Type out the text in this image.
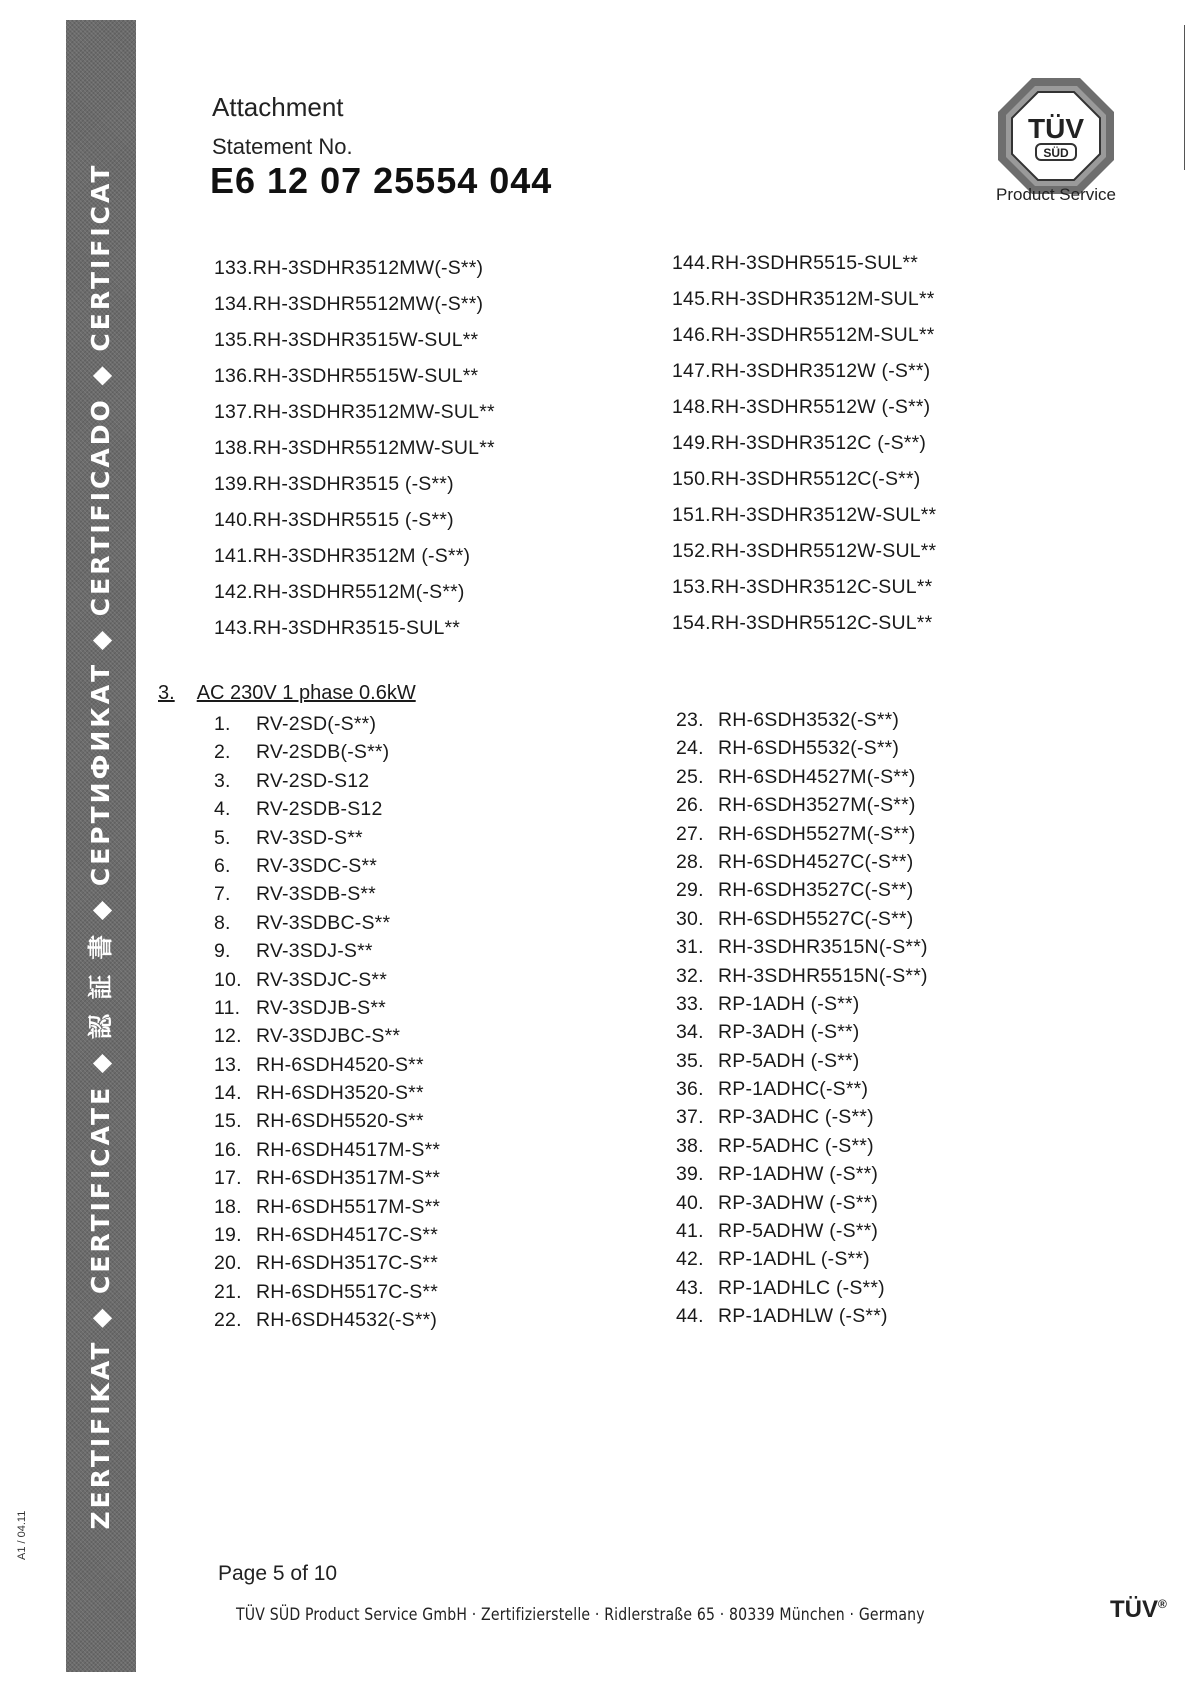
ZERTIFIKAT ◆ CERTIFICATE ◆ 認 証 書 ◆ СЕРТИФИКАТ ◆ CERTIFICADO ◆ CERTIFICAT
A1 / 04.11
Attachment
Statement No.
E6 12 07 25554 044
TÜV
SÜD
Product Service
133.RH-3SDHR3512MW(-S**)
134.RH-3SDHR5512MW(-S**)
135.RH-3SDHR3515W-SUL**
136.RH-3SDHR5515W-SUL**
137.RH-3SDHR3512MW-SUL**
138.RH-3SDHR5512MW-SUL**
139.RH-3SDHR3515 (-S**)
140.RH-3SDHR5515 (-S**)
141.RH-3SDHR3512M (-S**)
142.RH-3SDHR5512M(-S**)
143.RH-3SDHR3515-SUL**
144.RH-3SDHR5515-SUL**
145.RH-3SDHR3512M-SUL**
146.RH-3SDHR5512M-SUL**
147.RH-3SDHR3512W (-S**)
148.RH-3SDHR5512W (-S**)
149.RH-3SDHR3512C (-S**)
150.RH-3SDHR5512C(-S**)
151.RH-3SDHR3512W-SUL**
152.RH-3SDHR5512W-SUL**
153.RH-3SDHR3512C-SUL**
154.RH-3SDHR5512C-SUL**
3. AC 230V 1 phase 0.6kW
1. RV-2SD(-S**)
2. RV-2SDB(-S**)
3. RV-2SD-S12
4. RV-2SDB-S12
5. RV-3SD-S**
6. RV-3SDC-S**
7. RV-3SDB-S**
8. RV-3SDBC-S**
9. RV-3SDJ-S**
10. RV-3SDJC-S**
11. RV-3SDJB-S**
12. RV-3SDJBC-S**
13. RH-6SDH4520-S**
14. RH-6SDH3520-S**
15. RH-6SDH5520-S**
16. RH-6SDH4517M-S**
17. RH-6SDH3517M-S**
18. RH-6SDH5517M-S**
19. RH-6SDH4517C-S**
20. RH-6SDH3517C-S**
21. RH-6SDH5517C-S**
22. RH-6SDH4532(-S**)
23. RH-6SDH3532(-S**)
24. RH-6SDH5532(-S**)
25. RH-6SDH4527M(-S**)
26. RH-6SDH3527M(-S**)
27. RH-6SDH5527M(-S**)
28. RH-6SDH4527C(-S**)
29. RH-6SDH3527C(-S**)
30. RH-6SDH5527C(-S**)
31. RH-3SDHR3515N(-S**)
32. RH-3SDHR5515N(-S**)
33. RP-1ADH (-S**)
34. RP-3ADH (-S**)
35. RP-5ADH (-S**)
36. RP-1ADHC(-S**)
37. RP-3ADHC (-S**)
38. RP-5ADHC (-S**)
39. RP-1ADHW (-S**)
40. RP-3ADHW (-S**)
41. RP-5ADHW (-S**)
42. RP-1ADHL (-S**)
43. RP-1ADHLC (-S**)
44. RP-1ADHLW (-S**)
Page 5 of 10
TÜV SÜD Product Service GmbH · Zertifizierstelle · Ridlerstraße 65 · 80339 München · Germany	TÜV®
